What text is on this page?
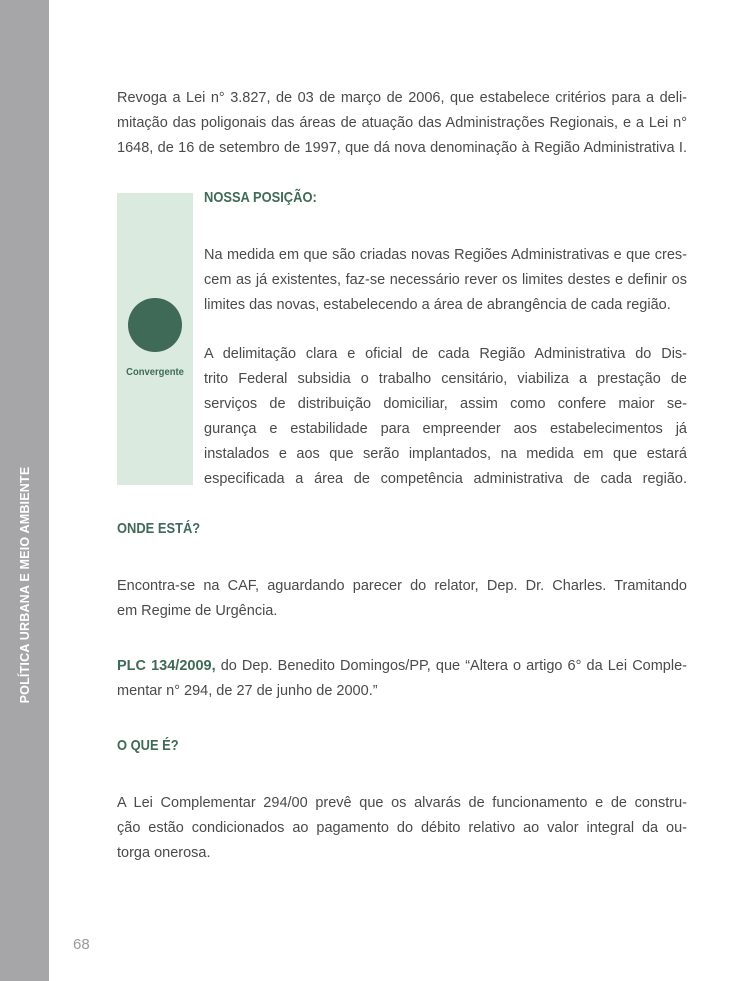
POLÍTICA URBANA E MEIO AMBIENTE

Revoga a Lei n° 3.827, de 03 de março de 2006, que estabelece critérios para a deli-
mitação das poligonais das áreas de atuação das Administrações Regionais, e a Lei n°
1648, de 16 de setembro de 1997, que dá nova denominação à Região Administrativa I.

Convergente
NOSSA POSIÇÃO:

Na medida em que são criadas novas Regiões Administrativas e que cres-
cem as já existentes, faz-se necessário rever os limites destes e definir os
limites das novas, estabelecendo a área de abrangência de cada região.

A delimitação clara e oficial de cada Região Administrativa do Dis-
trito Federal subsidia o trabalho censitário, viabiliza a prestação de
serviços de distribuição domiciliar, assim como confere maior se-
gurança e estabilidade para empreender aos estabelecimentos já
instalados e aos que serão implantados, na medida em que estará
especificada a área de competência administrativa de cada região.

ONDE ESTÁ?

Encontra-se na CAF, aguardando parecer do relator, Dep. Dr. Charles. Tramitando
em Regime de Urgência.

PLC 134/2009, do Dep. Benedito Domingos/PP, que “Altera o artigo 6° da Lei Comple-
mentar n° 294, de 27 de junho de 2000.”

O QUE É?

A Lei Complementar 294/00 prevê que os alvarás de funcionamento e de constru-
ção estão condicionados ao pagamento do débito relativo ao valor integral da ou-
torga onerosa.

68
